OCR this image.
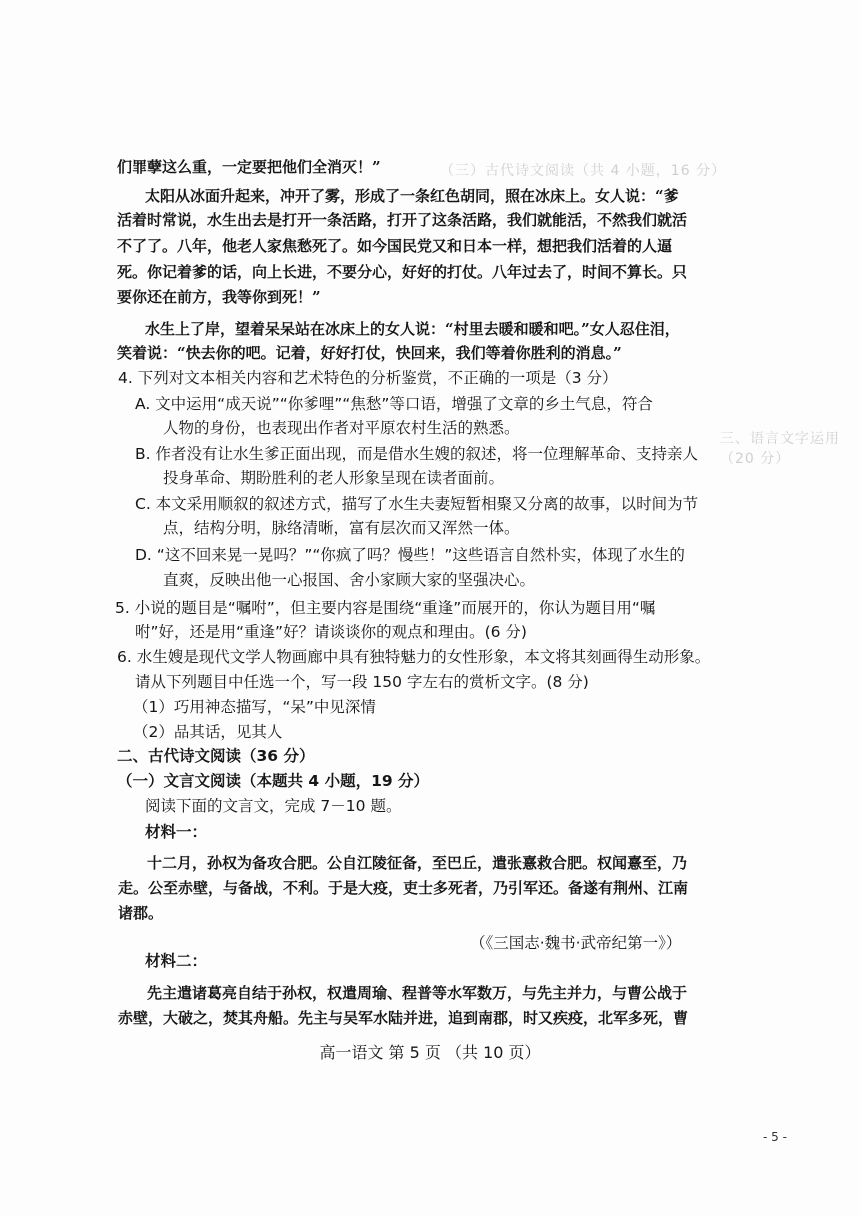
（三）古代诗文阅读（共 4 小题，16 分）
三、语言文字运用（20 分）
们罪孽这么重，一定要把他们全消灭！”
太阳从冰面升起来，冲开了雾，形成了一条红色胡同，照在冰床上。女人说：“爹
活着时常说，水生出去是打开一条活路，打开了这条活路，我们就能活，不然我们就活
不了了。八年，他老人家焦愁死了。如今国民党又和日本一样，想把我们活着的人逼
死。你记着爹的话，向上长进，不要分心，好好的打仗。八年过去了，时间不算长。只
要你还在前方，我等你到死！”
水生上了岸，望着呆呆站在冰床上的女人说：“村里去暖和暖和吧。”女人忍住泪，
笑着说：“快去你的吧。记着，好好打仗，快回来，我们等着你胜利的消息。”
4. 下列对文本相关内容和艺术特色的分析鉴赏，不正确的一项是（3 分）
A. 文中运用“成天说”“你爹哩”“焦愁”等口语，增强了文章的乡土气息，符合
人物的身份，也表现出作者对平原农村生活的熟悉。
B. 作者没有让水生爹正面出现，而是借水生嫂的叙述，将一位理解革命、支持亲人
投身革命、期盼胜利的老人形象呈现在读者面前。
C. 本文采用顺叙的叙述方式，描写了水生夫妻短暂相聚又分离的故事，以时间为节
点，结构分明，脉络清晰，富有层次而又浑然一体。
D. “这不回来晃一晃吗？”“你疯了吗？慢些！”这些语言自然朴实，体现了水生的
直爽，反映出他一心报国、舍小家顾大家的坚强决心。
5. 小说的题目是“嘱咐”，但主要内容是围绕“重逢”而展开的，你认为题目用“嘱
咐”好，还是用“重逢”好？请谈谈你的观点和理由。(6 分)
6. 水生嫂是现代文学人物画廊中具有独特魅力的女性形象，本文将其刻画得生动形象。
请从下列题目中任选一个，写一段 150 字左右的赏析文字。(8 分)
（1）巧用神态描写，“呆”中见深情
（2）品其话，见其人
二、古代诗文阅读（36 分）
（一）文言文阅读（本题共 4 小题，19 分）
阅读下面的文言文，完成 7－10 题。
材料一：
十二月，孙权为备攻合肥。公自江陵征备，至巴丘，遣张憙救合肥。权闻憙至，乃
走。公至赤壁，与备战，不利。于是大疫，吏士多死者，乃引军还。备遂有荆州、江南
诸郡。
（《三国志·魏书·武帝纪第一》）
材料二：
先主遣诸葛亮自结于孙权，权遣周瑜、程普等水军数万，与先主并力，与曹公战于
赤壁，大破之，焚其舟船。先主与吴军水陆并进，追到南郡，时又疾疫，北军多死，曹
高一语文 第 5 页 （共 10 页）
- 5 -
